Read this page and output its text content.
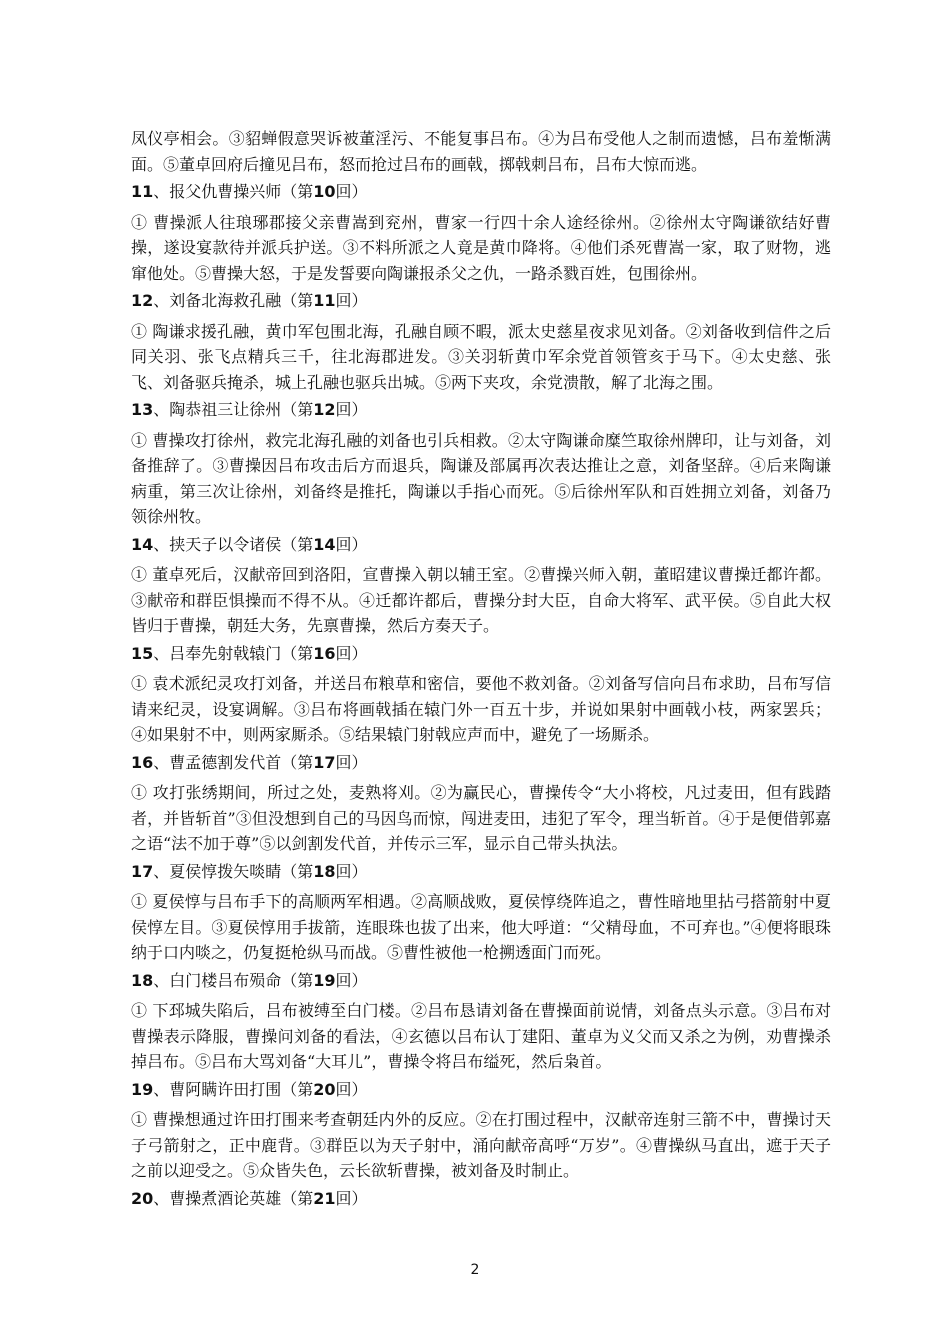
凤仪亭相会。③貂蝉假意哭诉被董淫污、不能复事吕布。④为吕布受他人之制而遗憾，吕布羞惭满面。⑤董卓回府后撞见吕布，怒而抢过吕布的画戟，掷戟刺吕布，吕布大惊而逃。

11、报父仇曹操兴师（第10回）

① 曹操派人往琅琊郡接父亲曹嵩到兖州，曹家一行四十余人途经徐州。②徐州太守陶谦欲结好曹操，遂设宴款待并派兵护送。③不料所派之人竟是黄巾降将。④他们杀死曹嵩一家，取了财物，逃窜他处。⑤曹操大怒，于是发誓要向陶谦报杀父之仇，一路杀戮百姓，包围徐州。

12、刘备北海救孔融（第11回）

① 陶谦求援孔融，黄巾军包围北海，孔融自顾不暇，派太史慈星夜求见刘备。②刘备收到信件之后同关羽、张飞点精兵三千，往北海郡进发。③关羽斩黄巾军余党首领管亥于马下。④太史慈、张飞、刘备驱兵掩杀，城上孔融也驱兵出城。⑤两下夹攻，余党溃散，解了北海之围。

13、陶恭祖三让徐州（第12回）

① 曹操攻打徐州，救完北海孔融的刘备也引兵相救。②太守陶谦命糜竺取徐州牌印，让与刘备，刘备推辞了。③曹操因吕布攻击后方而退兵，陶谦及部属再次表达推让之意，刘备坚辞。④后来陶谦病重，第三次让徐州，刘备终是推托，陶谦以手指心而死。⑤后徐州军队和百姓拥立刘备，刘备乃领徐州牧。

14、挟天子以令诸侯（第14回）

① 董卓死后，汉献帝回到洛阳，宣曹操入朝以辅王室。②曹操兴师入朝，董昭建议曹操迁都许都。③献帝和群臣惧操而不得不从。④迁都许都后，曹操分封大臣，自命大将军、武平侯。⑤自此大权皆归于曹操，朝廷大务，先禀曹操，然后方奏天子。

15、吕奉先射戟辕门（第16回）

① 袁术派纪灵攻打刘备，并送吕布粮草和密信，要他不救刘备。②刘备写信向吕布求助，吕布写信请来纪灵，设宴调解。③吕布将画戟插在辕门外一百五十步，并说如果射中画戟小枝，两家罢兵；④如果射不中，则两家厮杀。⑤结果辕门射戟应声而中，避免了一场厮杀。

16、曹孟德割发代首（第17回）

① 攻打张绣期间，所过之处，麦熟将刈。②为赢民心，曹操传令“大小将校，凡过麦田，但有践踏者，并皆斩首”③但没想到自己的马因鸟而惊，闯进麦田，违犯了军令，理当斩首。④于是便借郭嘉之语“法不加于尊”⑤以剑割发代首，并传示三军，显示自己带头执法。

17、夏侯惇拨矢啖睛（第18回）

① 夏侯惇与吕布手下的高顺两军相遇。②高顺战败，夏侯惇绕阵追之，曹性暗地里拈弓搭箭射中夏侯惇左目。③夏侯惇用手拔箭，连眼珠也拔了出来，他大呼道：“父精母血，不可弃也。”④便将眼珠纳于口内啖之，仍复挺枪纵马而战。⑤曹性被他一枪搠透面门而死。

18、白门楼吕布殒命（第19回）

① 下邳城失陷后，吕布被缚至白门楼。②吕布恳请刘备在曹操面前说情，刘备点头示意。③吕布对曹操表示降服，曹操问刘备的看法，④玄德以吕布认丁建阳、董卓为义父而又杀之为例，劝曹操杀掉吕布。⑤吕布大骂刘备“大耳儿”，曹操令将吕布缢死，然后枭首。

19、曹阿瞒许田打围（第20回）

① 曹操想通过许田打围来考查朝廷内外的反应。②在打围过程中，汉献帝连射三箭不中，曹操讨天子弓箭射之，正中鹿背。③群臣以为天子射中，涌向献帝高呼“万岁”。④曹操纵马直出，遮于天子之前以迎受之。⑤众皆失色，云长欲斩曹操，被刘备及时制止。

20、曹操煮酒论英雄（第21回）

2
